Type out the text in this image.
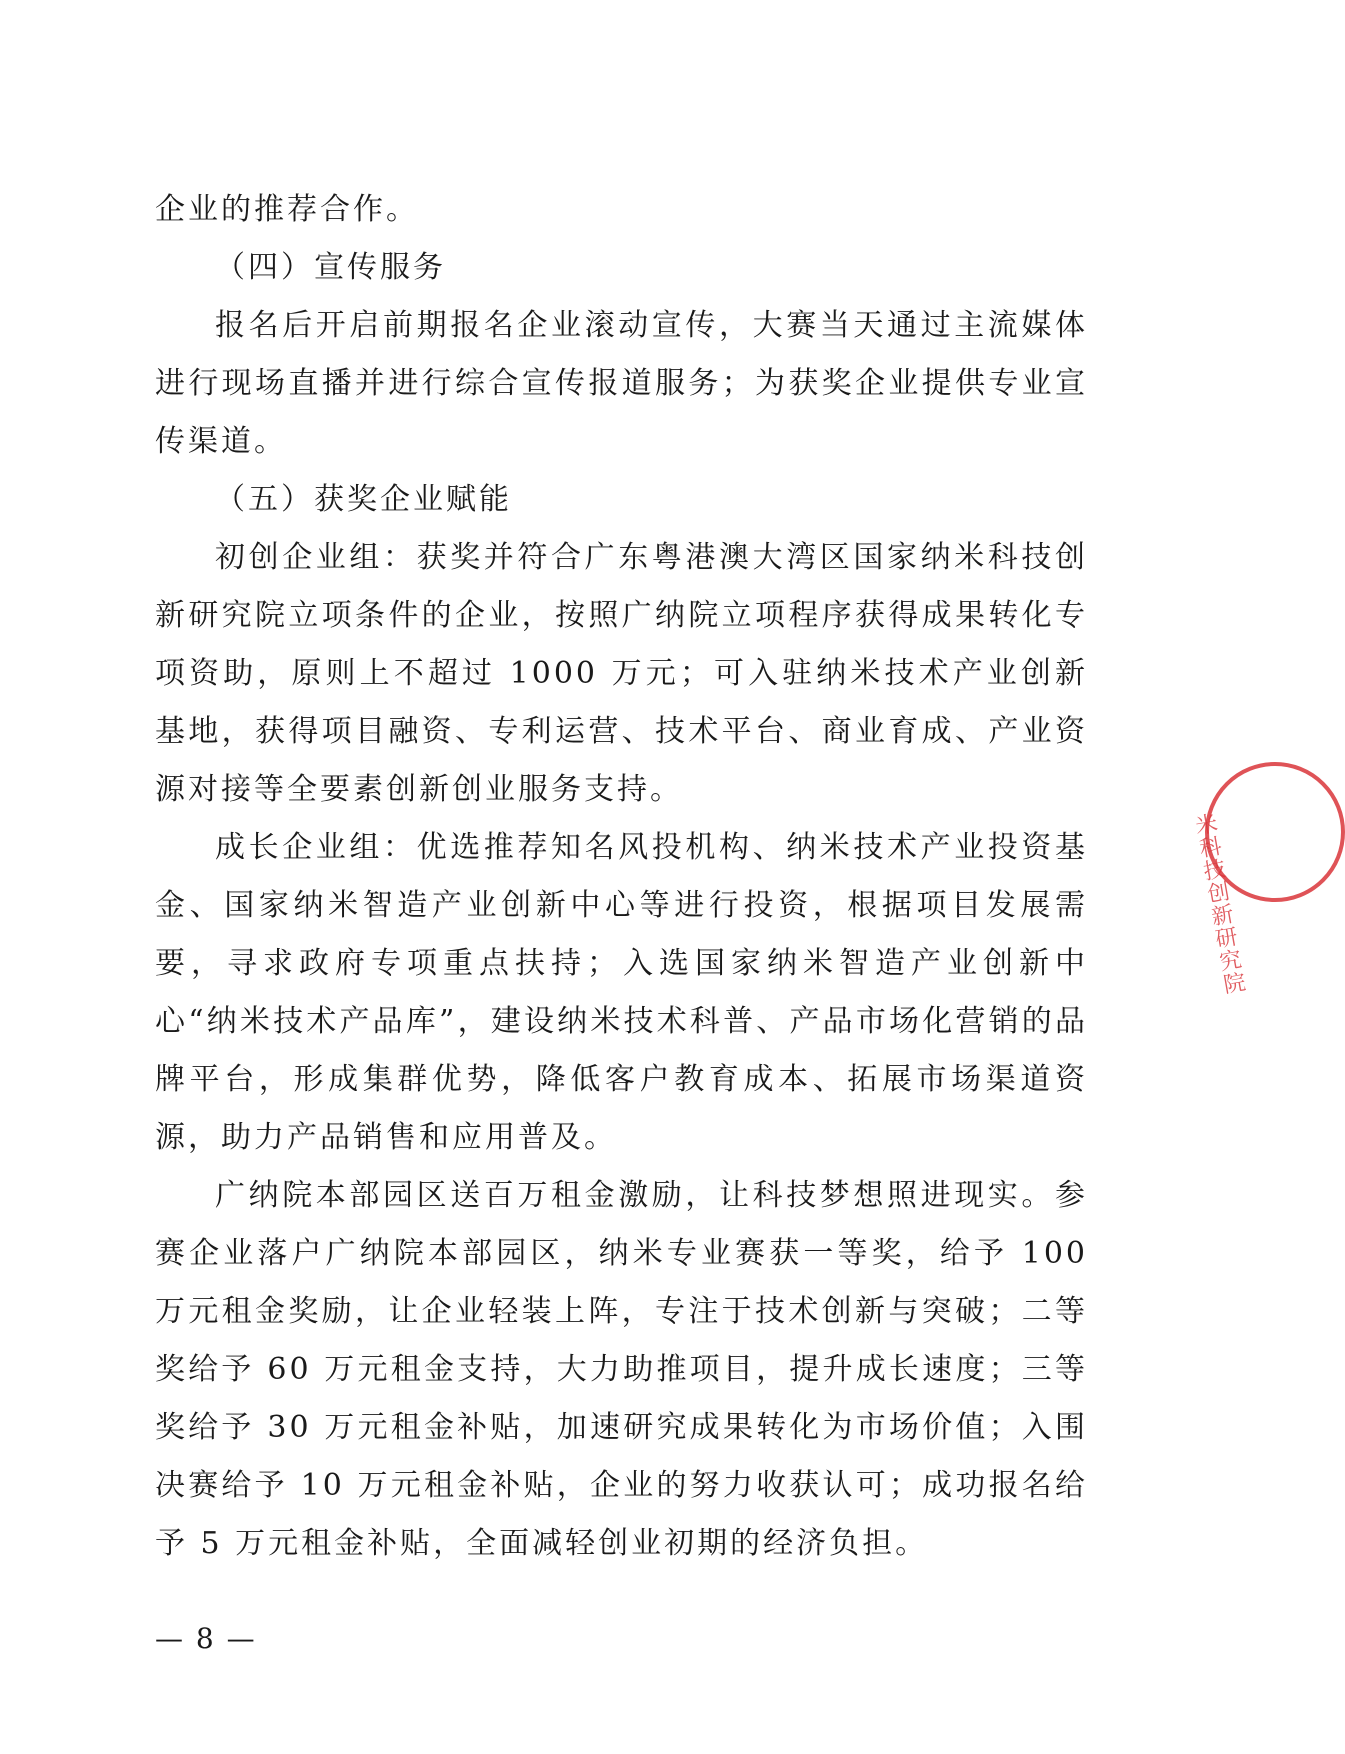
企业的推荐合作。

（四）宣传服务

报名后开启前期报名企业滚动宣传，大赛当天通过主流媒体进行现场直播并进行综合宣传报道服务；为获奖企业提供专业宣传渠道。

（五）获奖企业赋能

初创企业组：获奖并符合广东粤港澳大湾区国家纳米科技创新研究院立项条件的企业，按照广纳院立项程序获得成果转化专项资助，原则上不超过 1000 万元；可入驻纳米技术产业创新基地，获得项目融资、专利运营、技术平台、商业育成、产业资源对接等全要素创新创业服务支持。

成长企业组：优选推荐知名风投机构、纳米技术产业投资基金、国家纳米智造产业创新中心等进行投资，根据项目发展需要，寻求政府专项重点扶持；入选国家纳米智造产业创新中心“纳米技术产品库”，建设纳米技术科普、产品市场化营销的品牌平台，形成集群优势，降低客户教育成本、拓展市场渠道资源，助力产品销售和应用普及。

广纳院本部园区送百万租金激励，让科技梦想照进现实。参赛企业落户广纳院本部园区，纳米专业赛获一等奖，给予 100 万元租金奖励，让企业轻装上阵，专注于技术创新与突破；二等奖给予 60 万元租金支持，大力助推项目，提升成长速度；三等奖给予 30 万元租金补贴，加速研究成果转化为市场价值；入围决赛给予 10 万元租金补贴，企业的努力收获认可；成功报名给予 5 万元租金补贴，全面减轻创业初期的经济负担。

米科技创新研究院
— 8 —
